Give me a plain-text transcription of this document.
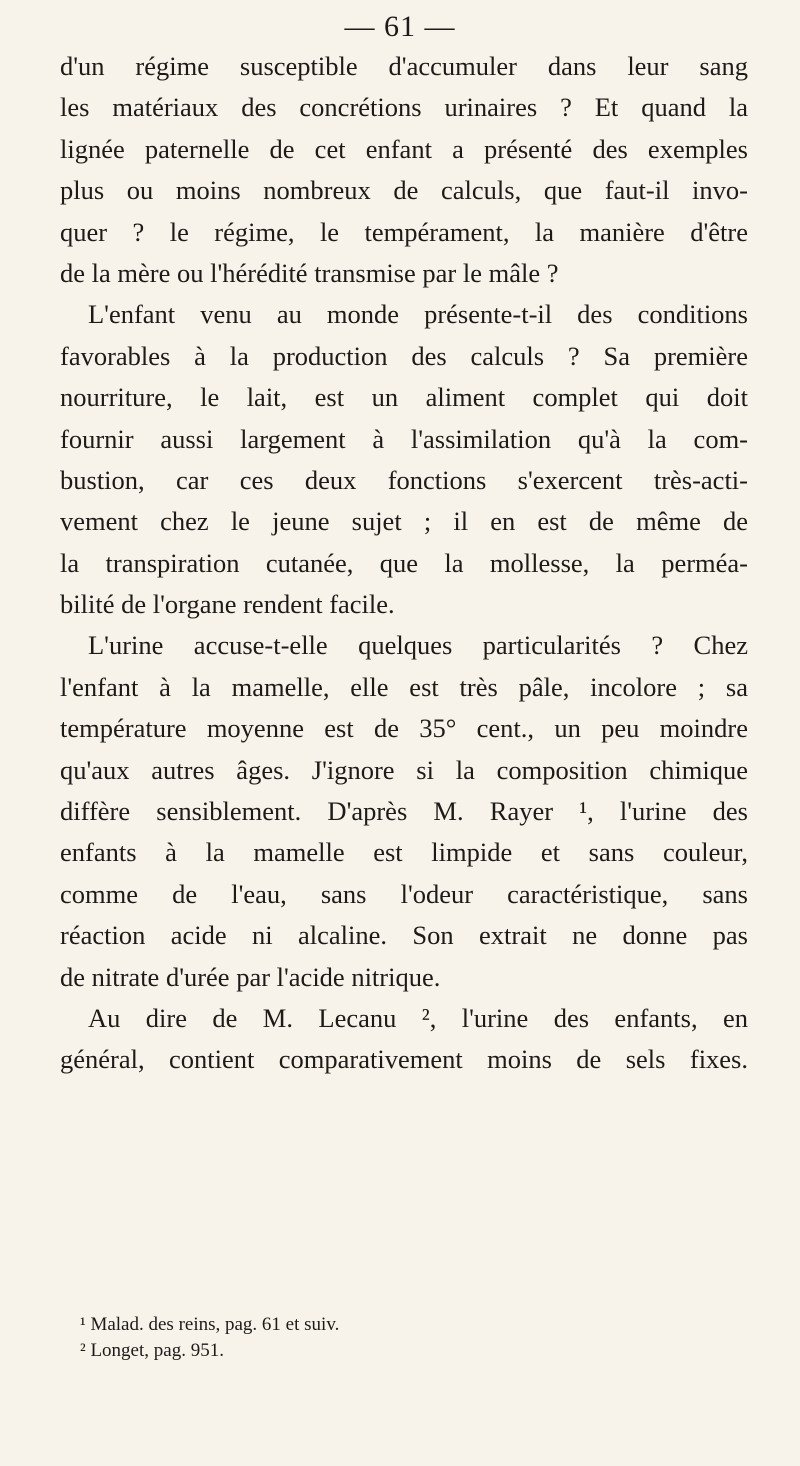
— 61 —
d'un régime susceptible d'accumuler dans leur sang
les matériaux des concrétions urinaires ? Et quand la
lignée paternelle de cet enfant a présenté des exemples
plus ou moins nombreux de calculs, que faut-il invo-
quer ? le régime, le tempérament, la manière d'être
de la mère ou l'hérédité transmise par le mâle ?
L'enfant venu au monde présente-t-il des conditions
favorables à la production des calculs ? Sa première
nourriture, le lait, est un aliment complet qui doit
fournir aussi largement à l'assimilation qu'à la com-
bustion, car ces deux fonctions s'exercent très-acti-
vement chez le jeune sujet ; il en est de même de
la transpiration cutanée, que la mollesse, la perméa-
bilité de l'organe rendent facile.
L'urine accuse-t-elle quelques particularités ? Chez
l'enfant à la mamelle, elle est très pâle, incolore ; sa
température moyenne est de 35° cent., un peu moindre
qu'aux autres âges. J'ignore si la composition chimique
diffère sensiblement. D'après M. Rayer ¹, l'urine des
enfants à la mamelle est limpide et sans couleur,
comme de l'eau, sans l'odeur caractéristique, sans
réaction acide ni alcaline. Son extrait ne donne pas
de nitrate d'urée par l'acide nitrique.
Au dire de M. Lecanu ², l'urine des enfants, en
général, contient comparativement moins de sels fixes.
¹ Malad. des reins, pag. 61 et suiv.
² Longet, pag. 951.
